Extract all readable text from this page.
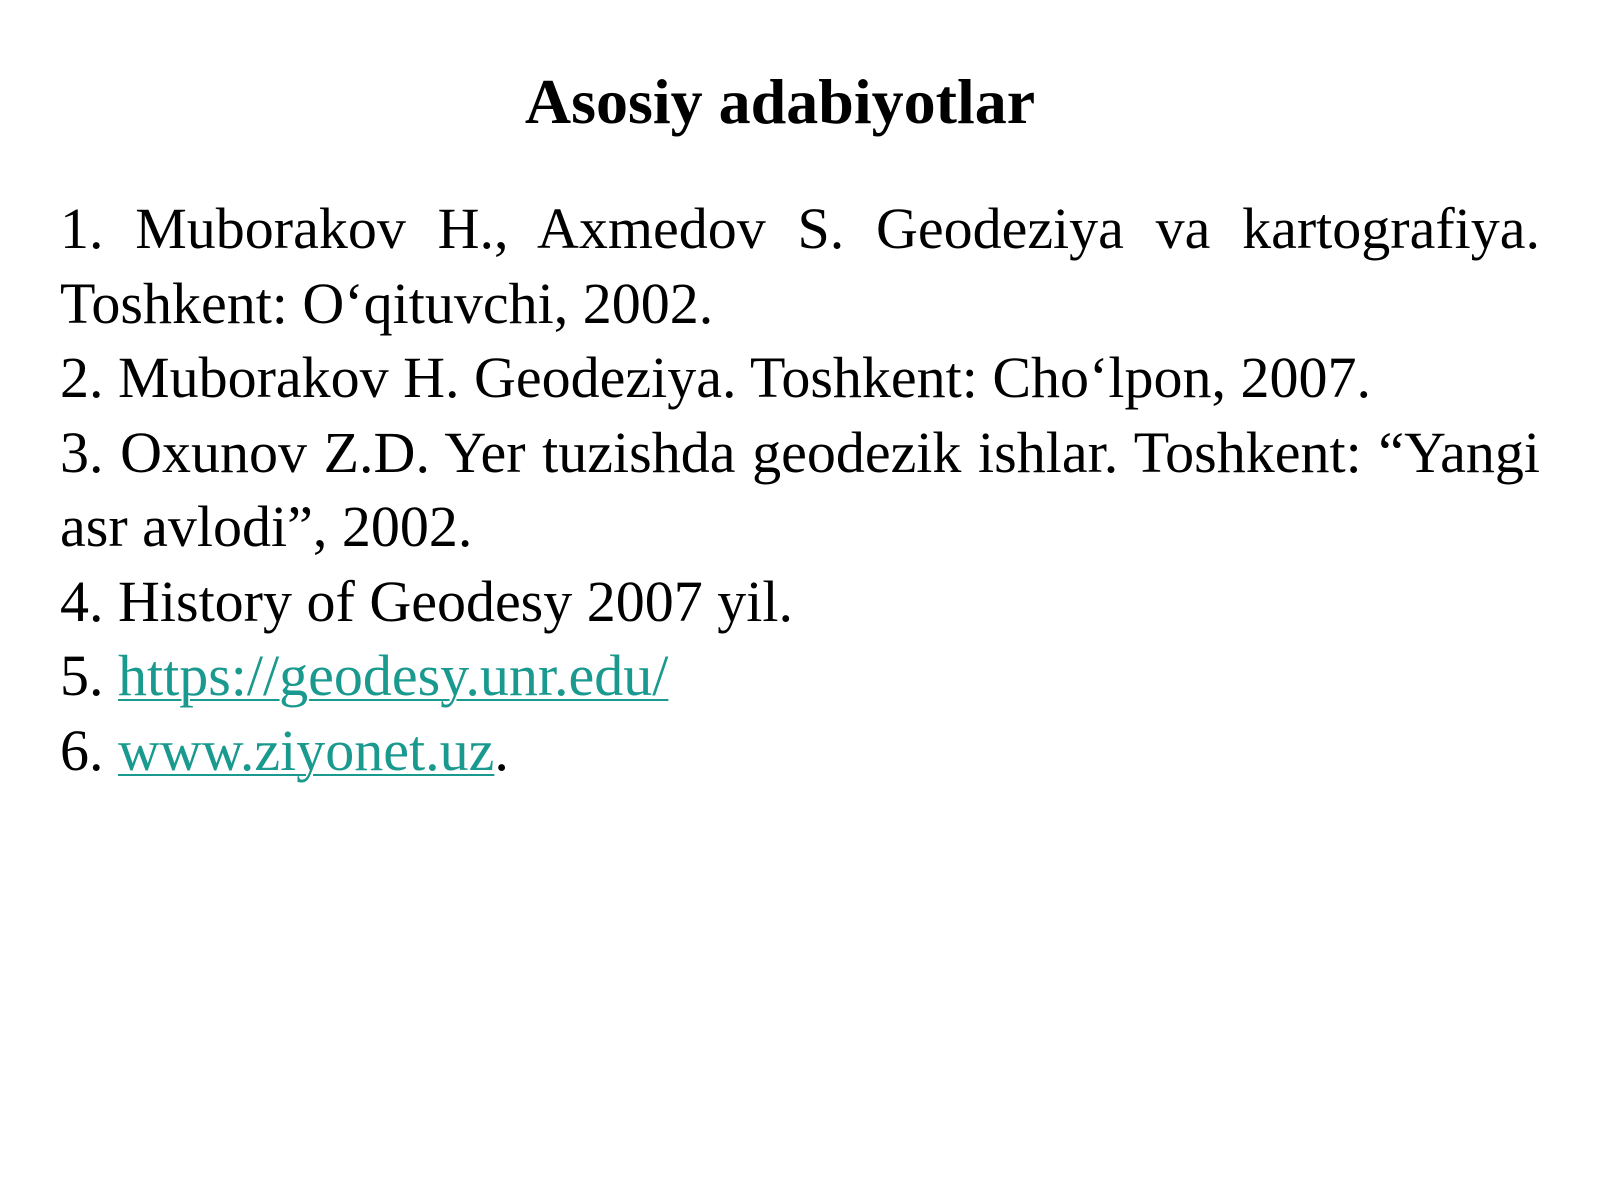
Asosiy adabiyotlar

1. Muborakov H., Axmedov S. Geodeziya va kartografiya. Toshkent: O‘qituvchi, 2002.

2. Muborakov H. Geodeziya. Toshkent: Cho‘lpon, 2007.

3. Oxunov Z.D. Yer tuzishda geodezik ishlar. Toshkent: “Yangi asr avlodi”, 2002.

4. History of Geodesy 2007 yil.

5. https://geodesy.unr.edu/

6. www.ziyonet.uz.
